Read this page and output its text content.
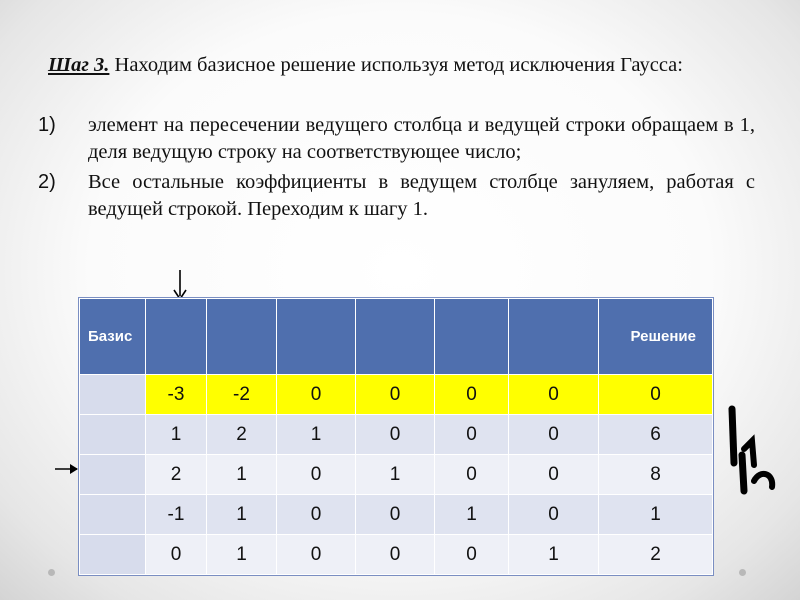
Шаг 3. Находим базисное решение используя метод исключения Гаусса:
1) элемент на пересечении ведущего столбца и ведущей строки обращаем в 1, деля ведущую строку на соответствующее число;
2) Все остальные коэффициенты в ведущем столбце зануляем, работая с ведущей строкой. Переходим к шагу 1.
Базис							Решение
	-3	-2	0	0	0	0	0
	1	2	1	0	0	0	6
	2	1	0	1	0	0	8
	-1	1	0	0	1	0	1
	0	1	0	0	0	1	2
